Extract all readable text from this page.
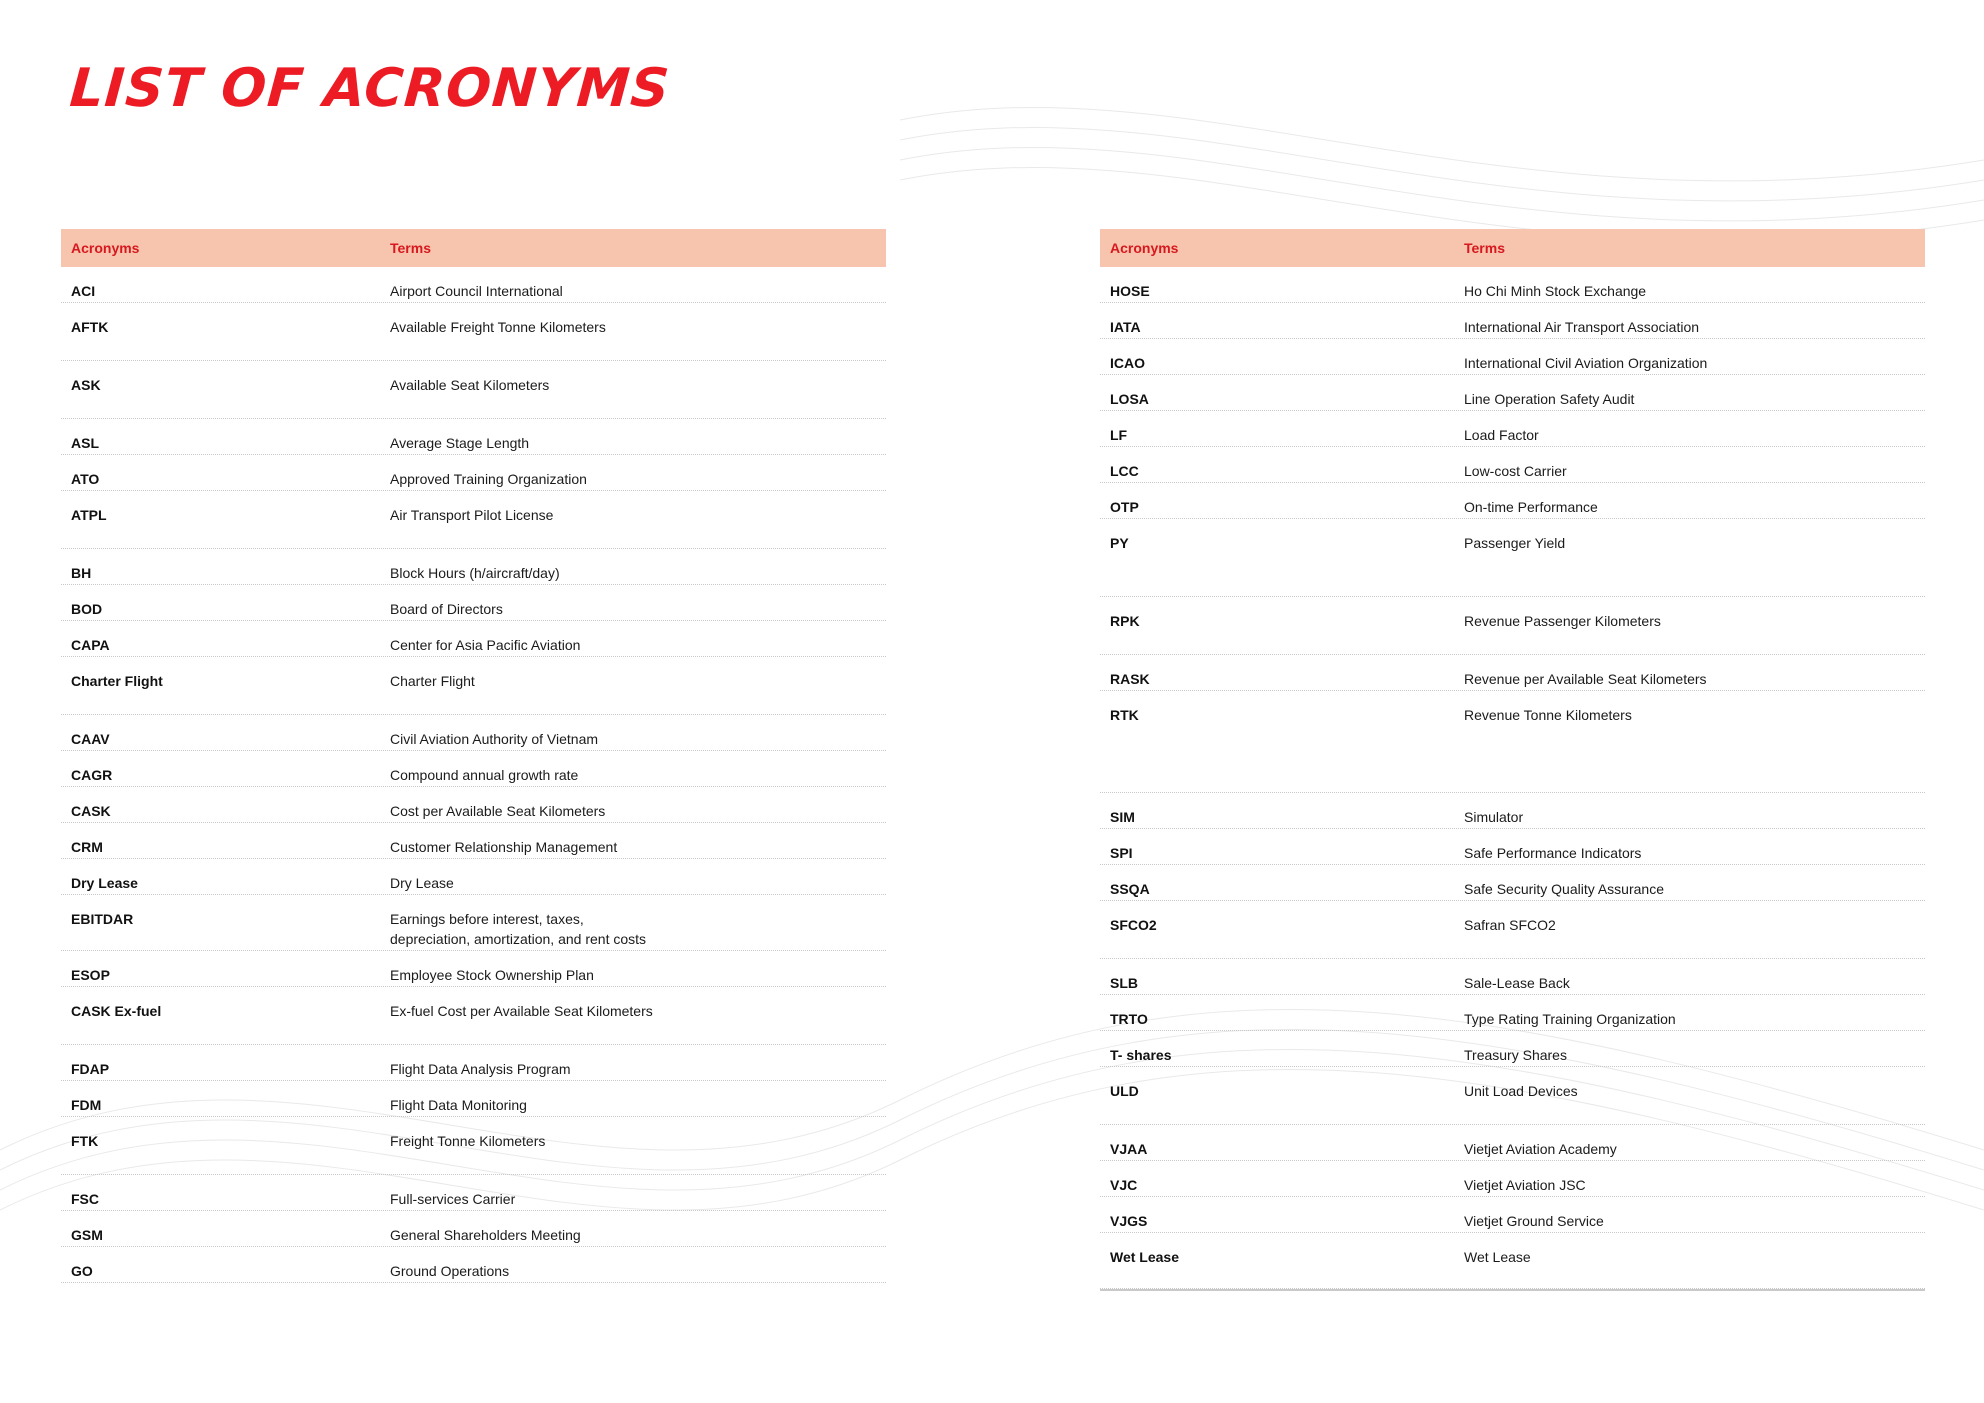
LIST OF ACRONYMS
Acronyms	Terms
ACI	Airport Council International
AFTK	Available Freight Tonne Kilometers
ASK	Available Seat Kilometers
ASL	Average Stage Length
ATO	Approved Training Organization
ATPL	Air Transport Pilot License
BH	Block Hours (h/aircraft/day)
BOD	Board of Directors
CAPA	Center for Asia Pacific Aviation
Charter Flight	Charter Flight
CAAV	Civil Aviation Authority of Vietnam
CAGR	Compound annual growth rate
CASK	Cost per Available Seat Kilometers
CRM	Customer Relationship Management
Dry Lease	Dry Lease
EBITDAR	Earnings before interest, taxes,
depreciation, amortization, and rent costs
ESOP	Employee Stock Ownership Plan
CASK Ex-fuel	Ex-fuel Cost per Available Seat Kilometers
FDAP	Flight Data Analysis Program
FDM	Flight Data Monitoring
FTK	Freight Tonne Kilometers
FSC	Full-services Carrier
GSM	General Shareholders Meeting
GO	Ground Operations
Acronyms	Terms
HOSE	Ho Chi Minh Stock Exchange
IATA	International Air Transport Association
ICAO	International Civil Aviation Organization
LOSA	Line Operation Safety Audit
LF	Load Factor
LCC	Low-cost Carrier
OTP	On-time Performance
PY	Passenger Yield
RPK	Revenue Passenger Kilometers
RASK	Revenue per Available Seat Kilometers
RTK	Revenue Tonne Kilometers
SIM	Simulator
SPI	Safe Performance Indicators
SSQA	Safe Security Quality Assurance
SFCO2	Safran SFCO2
SLB	Sale-Lease Back
TRTO	Type Rating Training Organization
T- shares	Treasury Shares
ULD	Unit Load Devices
VJAA	Vietjet Aviation Academy
VJC	Vietjet Aviation JSC
VJGS	Vietjet Ground Service
Wet Lease	Wet Lease
